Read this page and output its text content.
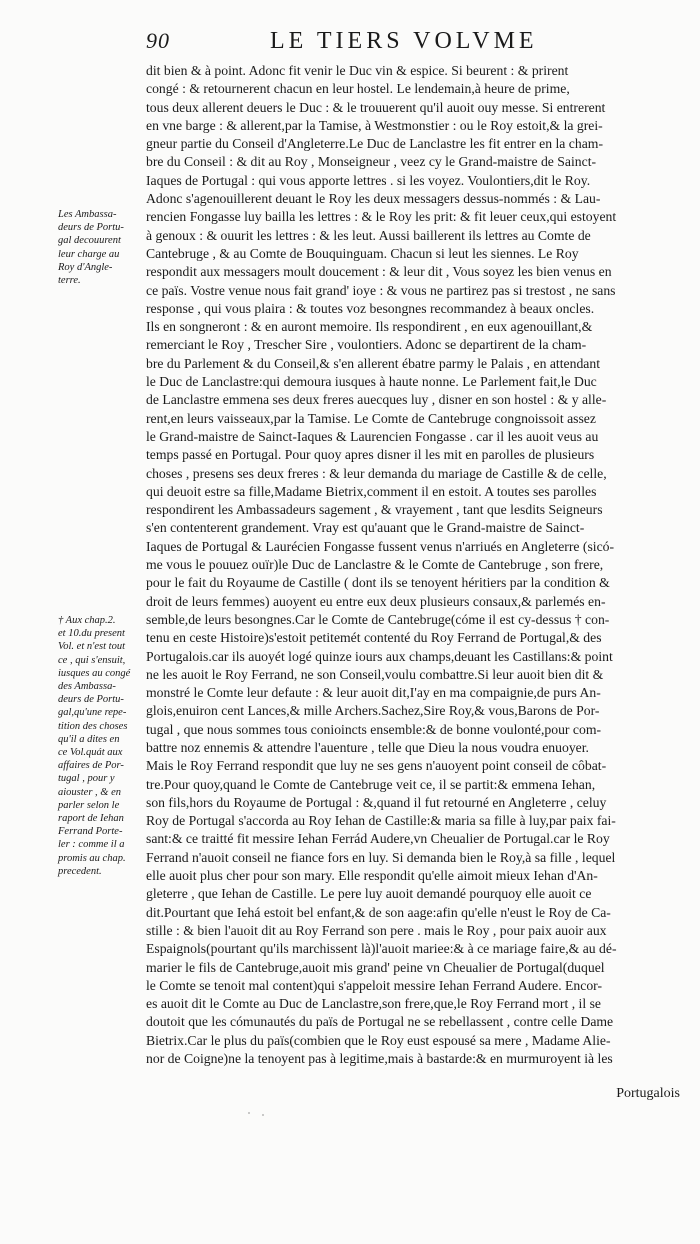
90	LE TIERS VOLVME
Les Ambassa-
deurs de Portu-
gal decouurent
leur charge au
Roy d'Angle-
terre.
† Aux chap.2.
et 10.du present
Vol. et n'est tout
ce , qui s'ensuit,
iusques au congé
des Ambassa-
deurs de Portu-
gal,qu'une repe-
tition des choses
qu'il a dites en
ce Vol.quát aux
affaires de Por-
tugal , pour y
aiouster , & en
parler selon le
raport de Iehan
Ferrand Porte-
ler : comme il a
promis au chap.
precedent.
dit bien & à point. Adonc fit venir le Duc vin & espice. Si beurent : & prirent
congé : & retournerent chacun en leur hostel. Le lendemain,à heure de prime,
tous deux allerent deuers le Duc : & le trouuerent qu'il auoit ouy messe. Si entrerent
en vne barge : & allerent,par la Tamise, à Westmonstier : ou le Roy estoit,& la grei-
gneur partie du Conseil d'Angleterre.Le Duc de Lanclastre les fit entrer en la cham-
bre du Conseil : & dit au Roy , Monseigneur , veez cy le Grand-maistre de Sainct-
Iaques de Portugal : qui vous apporte lettres . si les voyez. Voulontiers,dit le Roy.
Adonc s'agenouillerent deuant le Roy les deux messagers dessus-nommés : & Lau-
rencien Fongasse luy bailla les lettres : & le Roy les prit: & fit leuer ceux,qui estoyent
à genoux : & ouurit les lettres : & les leut. Aussi baillerent ils lettres au Comte de
Cantebruge , & au Comte de Bouquinguam. Chacun si leut les siennes. Le Roy
respondit aux messagers moult doucement : & leur dit , Vous soyez les bien venus en
ce païs. Vostre venue nous fait grand' ioye : & vous ne partirez pas si trestost , ne sans
response , qui vous plaira : & toutes voz besongnes recommandez à beaux oncles.
Ils en songneront : & en auront memoire. Ils respondirent , en eux agenouillant,&
remerciant le Roy , Trescher Sire , voulontiers. Adonc se departirent de la cham-
bre du Parlement & du Conseil,& s'en allerent ébatre parmy le Palais , en attendant
le Duc de Lanclastre:qui demoura iusques à haute nonne. Le Parlement fait,le Duc
de Lanclastre emmena ses deux freres auecques luy , disner en son hostel : & y alle-
rent,en leurs vaisseaux,par la Tamise. Le Comte de Cantebruge congnoissoit assez
le Grand-maistre de Sainct-Iaques & Laurencien Fongasse . car il les auoit veus au
temps passé en Portugal. Pour quoy apres disner il les mit en parolles de plusieurs
choses , presens ses deux freres : & leur demanda du mariage de Castille & de celle,
qui deuoit estre sa fille,Madame Bietrix,comment il en estoit. A toutes ses parolles
respondirent les Ambassadeurs sagement , & vrayement , tant que lesdits Seigneurs
s'en contenterent grandement. Vray est qu'auant que le Grand-maistre de Sainct-
Iaques de Portugal & Laurécien Fongasse fussent venus n'arriués en Angleterre (sicó-
me vous le pouuez ouïr)le Duc de Lanclastre & le Comte de Cantebruge , son frere,
pour le fait du Royaume de Castille ( dont ils se tenoyent héritiers par la condition &
droit de leurs femmes) auoyent eu entre eux deux plusieurs consaux,& parlemés en-
semble,de leurs besongnes.Car le Comte de Cantebruge(cóme il est cy-dessus † con-
tenu en ceste Histoire)s'estoit petitemét contenté du Roy Ferrand de Portugal,& des
Portugalois.car ils auoyét logé quinze iours aux champs,deuant les Castillans:& point
ne les auoit le Roy Ferrand, ne son Conseil,voulu combattre.Si leur auoit bien dit &
monstré le Comte leur defaute : & leur auoit dit,I'ay en ma compaignie,de purs An-
glois,enuiron cent Lances,& mille Archers.Sachez,Sire Roy,& vous,Barons de Por-
tugal , que nous sommes tous conioincts ensemble:& de bonne voulonté,pour com-
battre noz ennemis & attendre l'auenture , telle que Dieu la nous voudra enuoyer.
Mais le Roy Ferrand respondit que luy ne ses gens n'auoyent point conseil de côbat-
tre.Pour quoy,quand le Comte de Cantebruge veit ce, il se partit:& emmena Iehan,
son fils,hors du Royaume de Portugal : &,quand il fut retourné en Angleterre , celuy
Roy de Portugal s'accorda au Roy Iehan de Castille:& maria sa fille à luy,par paix fai-
sant:& ce traitté fit messire Iehan Ferrád Audere,vn Cheualier de Portugal.car le Roy
Ferrand n'auoit conseil ne fiance fors en luy. Si demanda bien le Roy,à sa fille , lequel
elle auoit plus cher pour son mary. Elle respondit qu'elle aimoit mieux Iehan d'An-
gleterre , que Iehan de Castille. Le pere luy auoit demandé pourquoy elle auoit ce
dit.Pourtant que Iehá estoit bel enfant,& de son aage:afin qu'elle n'eust le Roy de Ca-
stille : & bien l'auoit dit au Roy Ferrand son pere . mais le Roy , pour paix auoir aux
Espaignols(pourtant qu'ils marchissent là)l'auoit mariee:& à ce mariage faire,& au dé-
marier le fils de Cantebruge,auoit mis grand' peine vn Cheualier de Portugal(duquel
le Comte se tenoit mal content)qui s'appeloit messire Iehan Ferrand Audere. Encor-
es auoit dit le Comte au Duc de Lanclastre,son frere,que,le Roy Ferrand mort , il se
doutoit que les cómunautés du païs de Portugal ne se rebellassent , contre celle Dame
Bietrix.Car le plus du païs(combien que le Roy eust espousé sa mere , Madame Alie-
nor de Coigne)ne la tenoyent pas à legitime,mais à bastarde:& en murmuroyent ià les
Portugalois
